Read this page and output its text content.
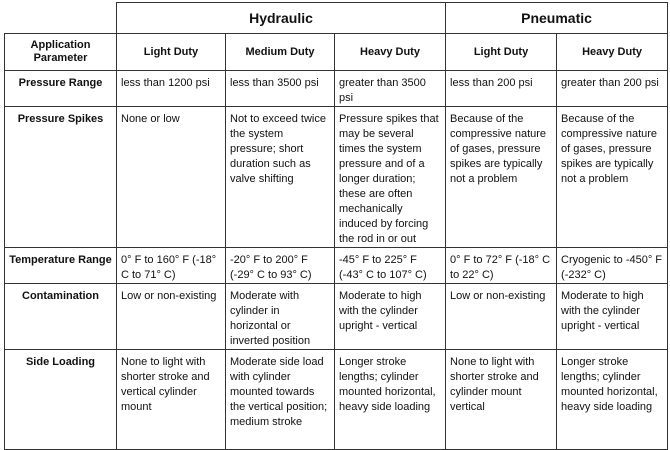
	Hydraulic			Pneumatic	
Application Parameter	Light Duty	Medium Duty	Heavy Duty	Light Duty	Heavy Duty
Pressure Range	less than 1200 psi	less than 3500 psi	greater than 3500 psi	less than 200 psi	greater than 200 psi
Pressure Spikes	None or low	Not to exceed twice the system pressure; short duration such as valve shifting	Pressure spikes that may be several times the system pressure and of a longer duration; these are often mechanically induced by forcing the rod in or out	Because of the compressive nature of gases, pressure spikes are typically not a problem	Because of the compressive nature of gases, pressure spikes are typically not a problem
Temperature Range	0° F to 160° F (-18° C to 71° C)	-20° F to 200° F (-29° C to 93° C)	-45° F to 225° F (-43° C to 107° C)	0° F to 72° F (-18° C to 22° C)	Cryogenic to -450° F (-232° C)
Contamination	Low or non-existing	Moderate with cylinder in horizontal or inverted position	Moderate to high with the cylinder upright - vertical	Low or non-existing	Moderate to high with the cylinder upright - vertical
Side Loading	None to light with shorter stroke and vertical cylinder mount	Moderate side load with cylinder mounted towards the vertical position; medium stroke	Longer stroke lengths; cylinder mounted horizontal, heavy side loading	None to light with shorter stroke and cylinder mount vertical	Longer stroke lengths; cylinder mounted horizontal, heavy side loading
